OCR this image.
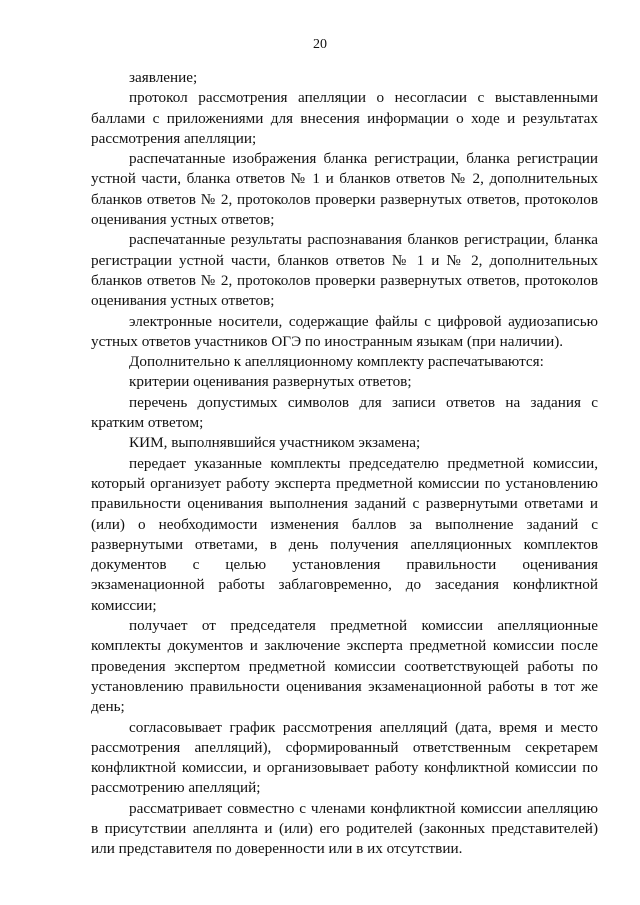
20

заявление;

протокол рассмотрения апелляции о несогласии с выставленными баллами с приложениями для внесения информации о ходе и результатах рассмотрения апелляции;

распечатанные изображения бланка регистрации, бланка регистрации устной части, бланка ответов № 1 и бланков ответов № 2, дополнительных бланков ответов № 2, протоколов проверки развернутых ответов, протоколов оценивания устных ответов;

распечатанные результаты распознавания бланков регистрации, бланка регистрации устной части, бланков ответов № 1 и № 2, дополнительных бланков ответов № 2, протоколов проверки развернутых ответов, протоколов оценивания устных ответов;

электронные носители, содержащие файлы с цифровой аудиозаписью устных ответов участников ОГЭ по иностранным языкам (при наличии).

Дополнительно к апелляционному комплекту распечатываются:

критерии оценивания развернутых ответов;

перечень допустимых символов для записи ответов на задания с кратким ответом;

КИМ, выполнявшийся участником экзамена;

передает указанные комплекты председателю предметной комиссии, который организует работу эксперта предметной комиссии по установлению правильности оценивания выполнения заданий с развернутыми ответами и (или) о необходимости изменения баллов за выполнение заданий с развернутыми ответами, в день получения апелляционных комплектов документов с целью установления правильности оценивания экзаменационной работы заблаговременно, до заседания конфликтной комиссии;

получает от председателя предметной комиссии апелляционные комплекты документов и заключение эксперта предметной комиссии после проведения экспертом предметной комиссии соответствующей работы по установлению правильности оценивания экзаменационной работы в тот же день;

согласовывает график рассмотрения апелляций (дата, время и место рассмотрения апелляций), сформированный ответственным секретарем конфликтной комиссии, и организовывает работу конфликтной комиссии по рассмотрению апелляций;

рассматривает совместно с членами конфликтной комиссии апелляцию в присутствии апеллянта и (или) его родителей (законных представителей) или представителя по доверенности или в их отсутствии.
